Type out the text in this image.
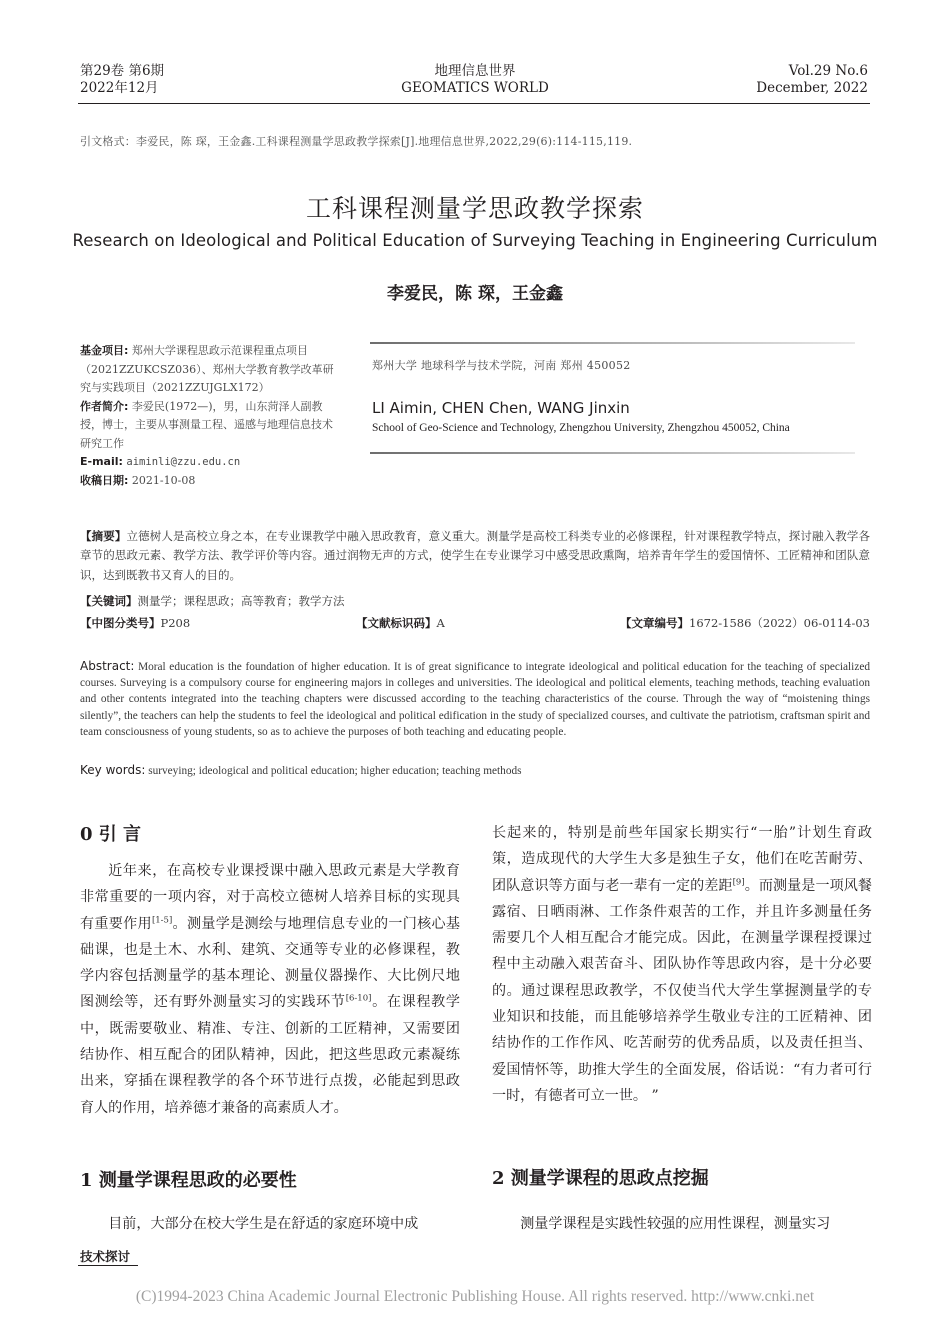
第29卷 第6期
2022年12月
地理信息世界
GEOMATICS WORLD
Vol.29 No.6
December, 2022
引文格式：李爱民，陈 琛，王金鑫.工科课程测量学思政教学探索[J].地理信息世界,2022,29(6):114-115,119.
工科课程测量学思政教学探索
Research on Ideological and Political Education of Surveying Teaching in Engineering Curriculum
李爱民，陈 琛，王金鑫
基金项目: 郑州大学课程思政示范课程重点项目（2021ZZUKCSZ036）、郑州大学教育教学改革研究与实践项目（2021ZZUJGLX172）
作者简介: 李爱民(1972—)，男，山东菏泽人副教授，博士，主要从事测量工程、遥感与地理信息技术研究工作
E-mail: aiminli@zzu.edu.cn
收稿日期: 2021-10-08
郑州大学 地球科学与技术学院，河南 郑州 450052
LI Aimin, CHEN Chen, WANG Jinxin
School of Geo-Science and Technology, Zhengzhou University, Zhengzhou 450052, China
【摘要】立德树人是高校立身之本，在专业课教学中融入思政教育，意义重大。测量学是高校工科类专业的必修课程，针对课程教学特点，探讨融入教学各章节的思政元素、教学方法、教学评价等内容。通过润物无声的方式，使学生在专业课学习中感受思政熏陶，培养青年学生的爱国情怀、工匠精神和团队意识，达到既教书又育人的目的。
【关键词】测量学；课程思政；高等教育；教学方法
【中图分类号】P208	【文献标识码】A	【文章编号】1672-1586（2022）06-0114-03
Abstract: Moral education is the foundation of higher education. It is of great significance to integrate ideological and political education for the teaching of specialized courses. Surveying is a compulsory course for engineering majors in colleges and universities. The ideological and political elements, teaching methods, teaching evaluation and other contents integrated into the teaching chapters were discussed according to the teaching characteristics of the course. Through the way of “moistening things silently”, the teachers can help the students to feel the ideological and political edification in the study of specialized courses, and cultivate the patriotism, craftsman spirit and team consciousness of young students, so as to achieve the purposes of both teaching and educating people.
Key words: surveying; ideological and political education; higher education; teaching methods
0 引 言
近年来，在高校专业课授课中融入思政元素是大学教育非常重要的一项内容，对于高校立德树人培养目标的实现具有重要作用[1-5]。测量学是测绘与地理信息专业的一门核心基础课，也是土木、水利、建筑、交通等专业的必修课程，教学内容包括测量学的基本理论、测量仪器操作、大比例尺地图测绘等，还有野外测量实习的实践环节[6-10]。在课程教学中，既需要敬业、精准、专注、创新的工匠精神，又需要团结协作、相互配合的团队精神，因此，把这些思政元素凝练出来，穿插在课程教学的各个环节进行点拨，必能起到思政育人的作用，培养德才兼备的高素质人才。
1 测量学课程思政的必要性
目前，大部分在校大学生是在舒适的家庭环境中成
长起来的，特别是前些年国家长期实行“一胎”计划生育政策，造成现代的大学生大多是独生子女，他们在吃苦耐劳、团队意识等方面与老一辈有一定的差距[9]。而测量是一项风餐露宿、日晒雨淋、工作条件艰苦的工作，并且许多测量任务需要几个人相互配合才能完成。因此，在测量学课程授课过程中主动融入艰苦奋斗、团队协作等思政内容，是十分必要的。通过课程思政教学，不仅使当代大学生掌握测量学的专业知识和技能，而且能够培养学生敬业专注的工匠精神、团结协作的工作作风、吃苦耐劳的优秀品质，以及责任担当、爱国情怀等，助推大学生的全面发展，俗话说：“有力者可行一时，有德者可立一世。 ”
2 测量学课程的思政点挖掘
测量学课程是实践性较强的应用性课程，测量实习
技术探讨
(C)1994-2023 China Academic Journal Electronic Publishing House. All rights reserved. http://www.cnki.net
